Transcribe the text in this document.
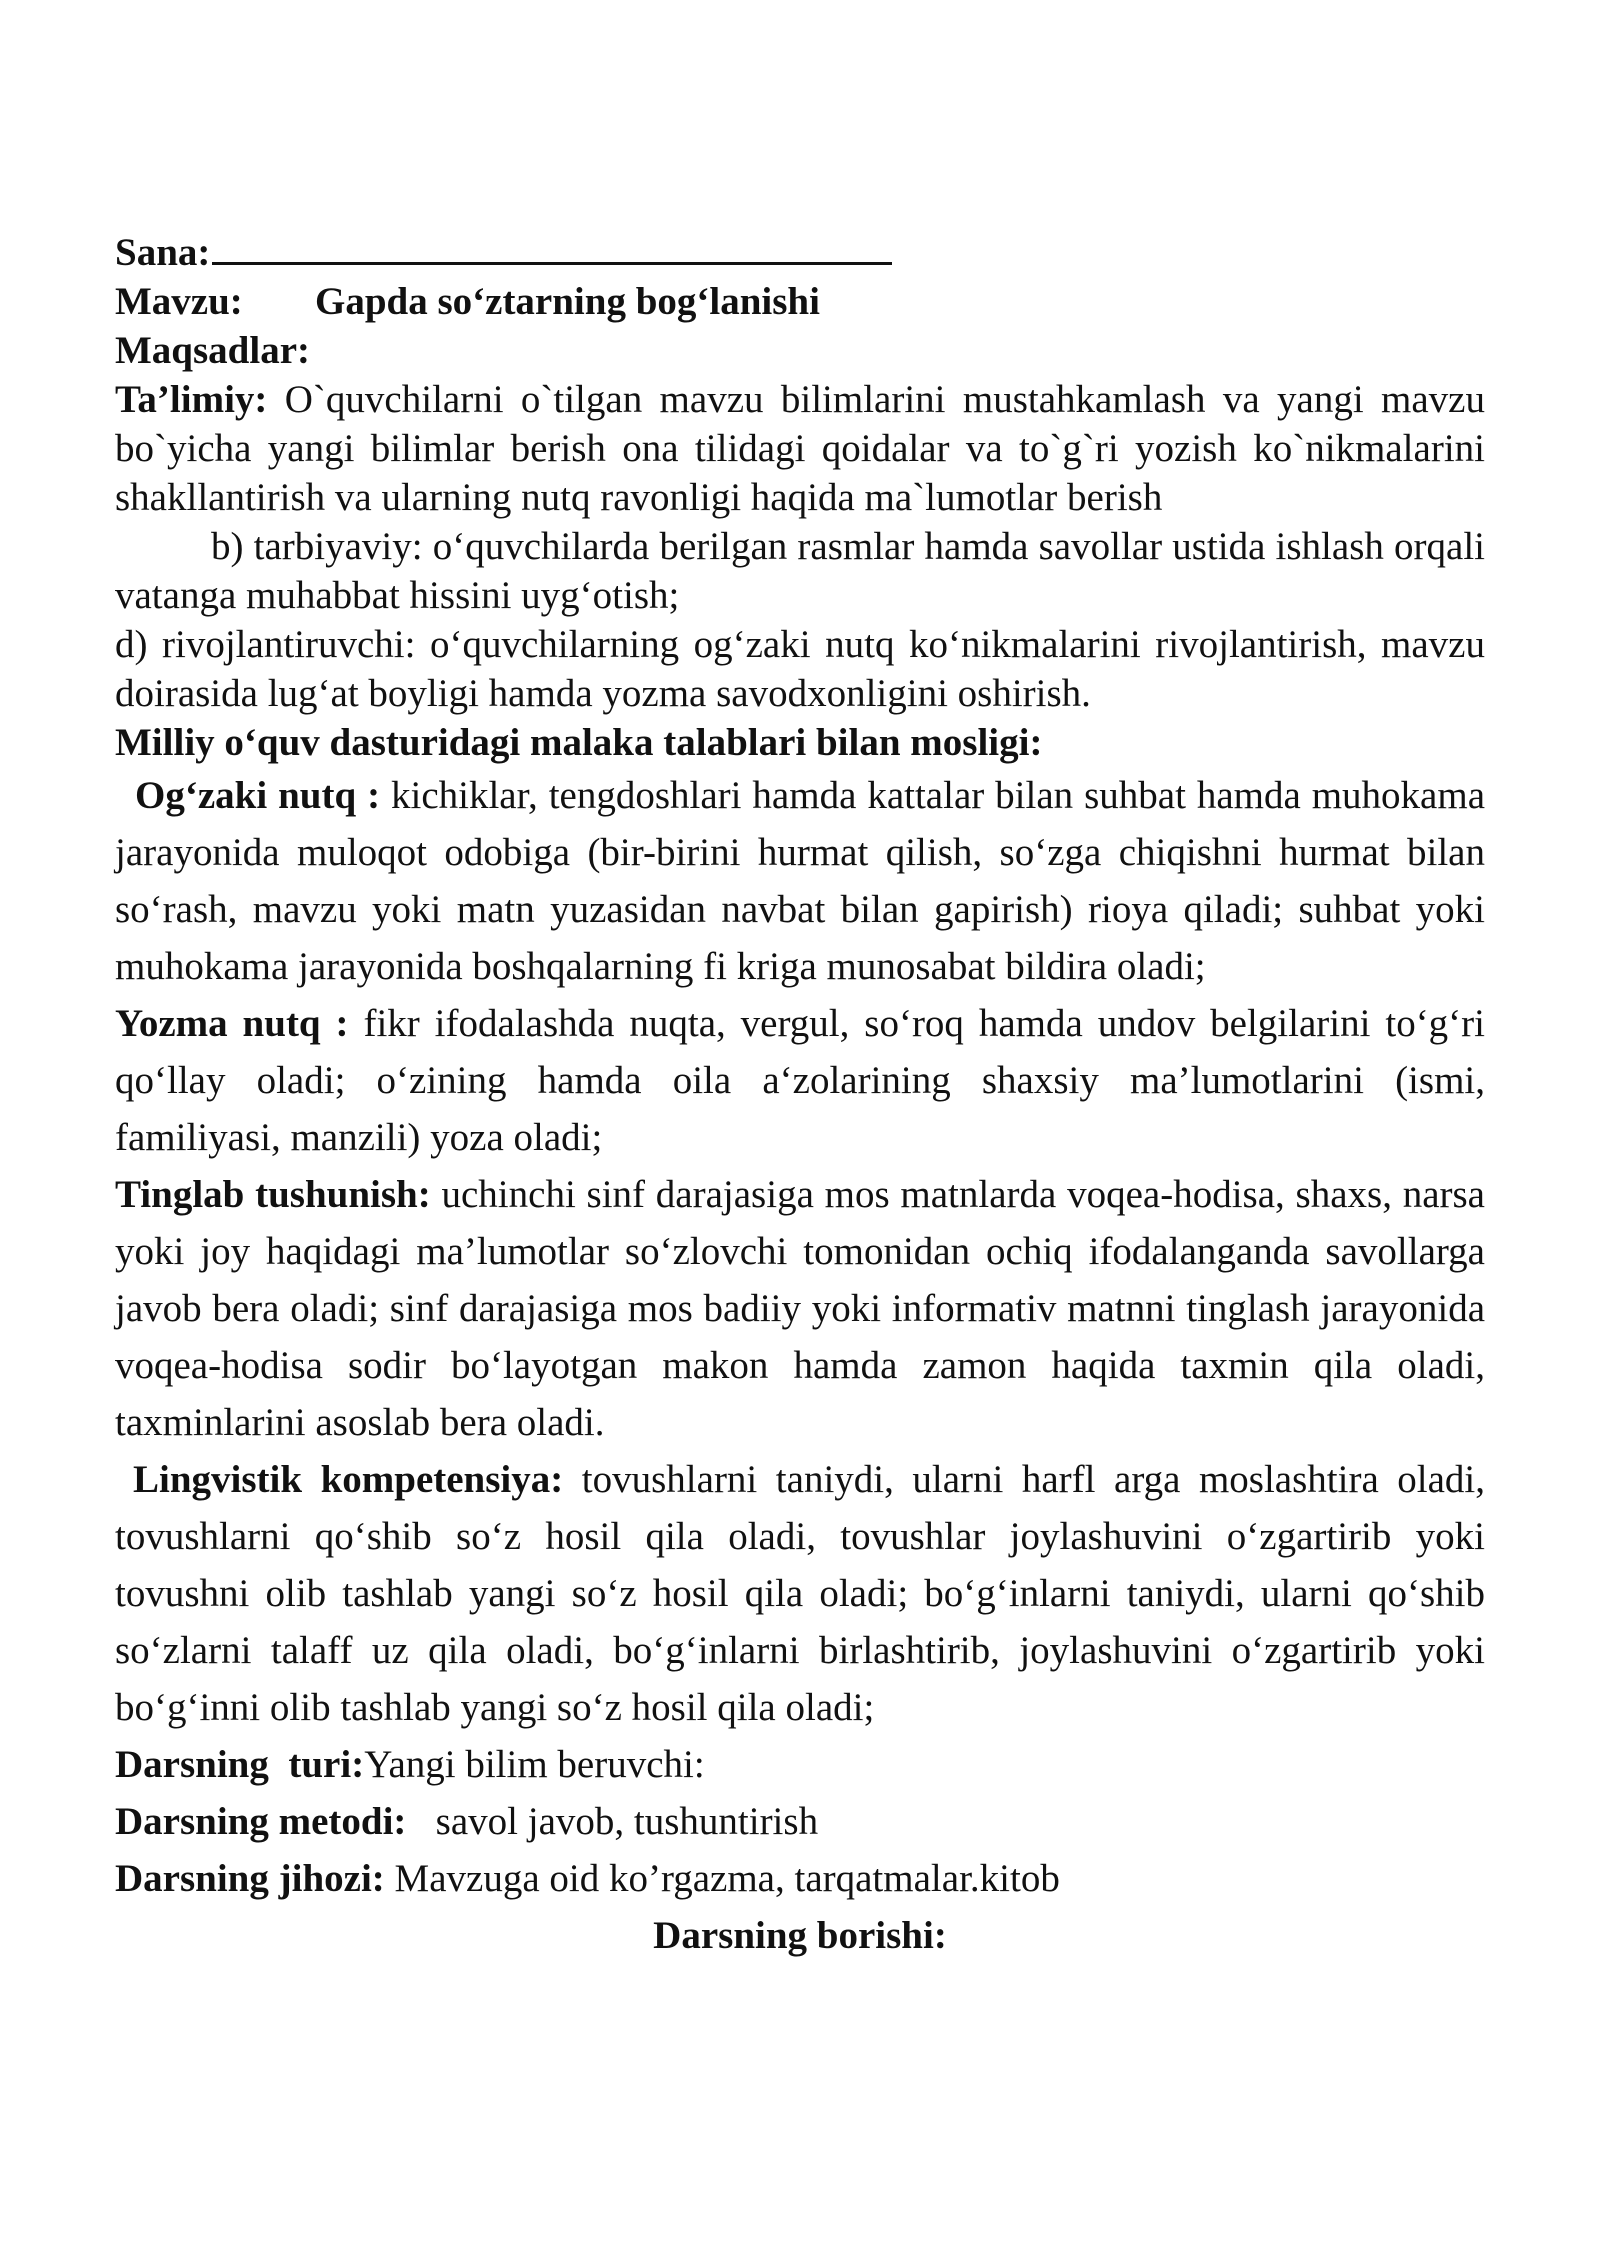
Sana:

Mavzu: Gapda so‘ztarning bog‘lanishi

Maqsadlar:

Ta’limiy: O`quvchilarni o`tilgan mavzu bilimlarini mustahkamlash va yangi mavzu bo`yicha yangi bilimlar berish ona tilidagi qoidalar va to`g`ri yozish ko`nikmalarini shakllantirish va ularning nutq ravonligi haqida ma`lumotlar berish

b) tarbiyaviy: o‘quvchilarda berilgan rasmlar hamda savollar ustida ishlash orqali vatanga muhabbat hissini uyg‘otish;

d) rivojlantiruvchi: o‘quvchilarning og‘zaki nutq ko‘nikmalarini rivojlantirish, mavzu doirasida lug‘at boyligi hamda yozma savodxonligini oshirish.

Milliy o‘quv dasturidagi malaka talablari bilan mosligi:

Og‘zaki nutq : kichiklar, tengdoshlari hamda kattalar bilan suhbat hamda muhokama jarayonida muloqot odobiga (bir-birini hurmat qilish, so‘zga chiqishni hurmat bilan so‘rash, mavzu yoki matn yuzasidan navbat bilan gapirish) rioya qiladi; suhbat yoki muhokama jarayonida boshqalarning fi kriga munosabat bildira oladi;

Yozma nutq : fikr ifodalashda nuqta, vergul, so‘roq hamda undov belgilarini to‘g‘ri qo‘llay oladi; o‘zining hamda oila a‘zolarining shaxsiy ma’lumotlarini (ismi, familiyasi, manzili) yoza oladi;

Tinglab tushunish: uchinchi sinf darajasiga mos matnlarda voqea-hodisa, shaxs, narsa yoki joy haqidagi ma’lumotlar so‘zlovchi tomonidan ochiq ifodalanganda savollarga javob bera oladi; sinf darajasiga mos badiiy yoki informativ matnni tinglash jarayonida voqea-hodisa sodir bo‘layotgan makon hamda zamon haqida taxmin qila oladi, taxminlarini asoslab bera oladi.

Lingvistik kompetensiya: tovushlarni taniydi, ularni harfl arga moslashtira oladi, tovushlarni qo‘shib so‘z hosil qila oladi, tovushlar joylashuvini o‘zgartirib yoki tovushni olib tashlab yangi so‘z hosil qila oladi; bo‘g‘inlarni taniydi, ularni qo‘shib so‘zlarni talaff uz qila oladi, bo‘g‘inlarni birlashtirib, joylashuvini o‘zgartirib yoki bo‘g‘inni olib tashlab yangi so‘z hosil qila oladi;

Darsning  turi:Yangi bilim beruvchi:

Darsning metodi:   savol javob, tushuntirish

Darsning jihozi: Mavzuga oid ko’rgazma, tarqatmalar.kitob

Darsning borishi:
